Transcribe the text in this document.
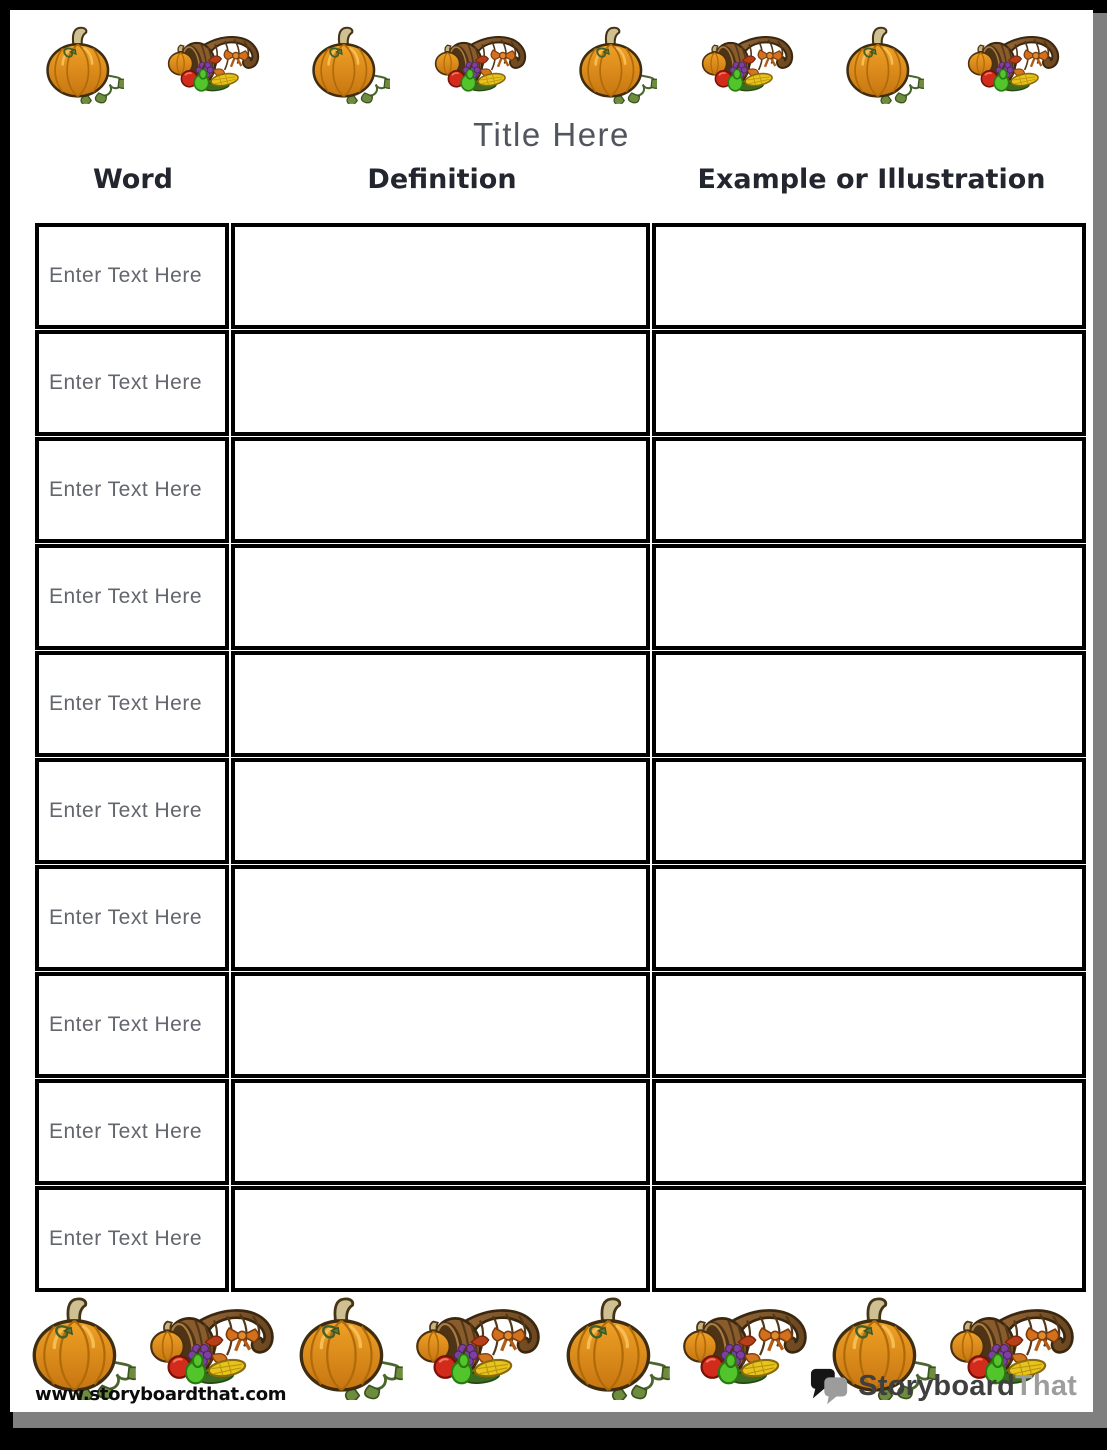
Title Here
Word	Definition	Example or Illustration
Enter Text Here		
Enter Text Here		
Enter Text Here		
Enter Text Here		
Enter Text Here		
Enter Text Here		
Enter Text Here		
Enter Text Here		
Enter Text Here		
Enter Text Here		
www.storyboardthat.com	StoryboardThat
